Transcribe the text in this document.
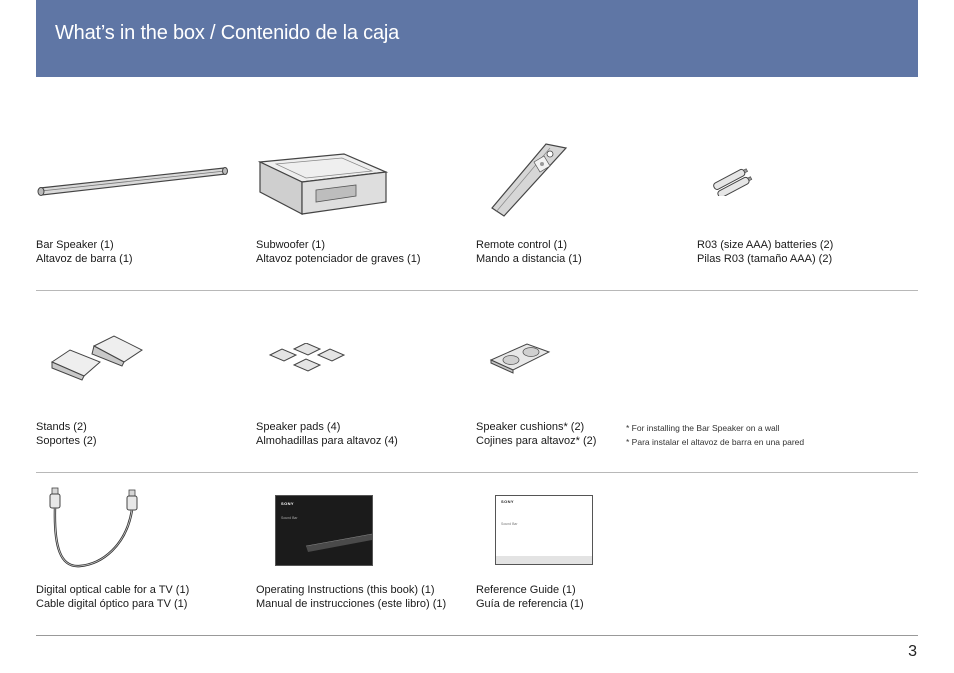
What’s in the box / Contenido de la caja
Bar Speaker (1)
Altavoz de barra (1)
Subwoofer (1)
Altavoz potenciador de graves (1)
Remote control (1)
Mando a distancia (1)
R03 (size AAA) batteries (2)
Pilas R03 (tamaño AAA) (2)
Stands (2)
Soportes (2)
Speaker pads (4)
Almohadillas para altavoz (4)
Speaker cushions* (2)
Cojines para altavoz* (2)
* For installing the Bar Speaker on a wall
* Para instalar el altavoz de barra en una pared
SONY
Sound Bar
SONY
Sound Bar
Digital optical cable for a TV (1)
Cable digital óptico para TV (1)
Operating Instructions (this book) (1)
Manual de instrucciones (este libro) (1)
Reference Guide (1)
Guía de referencia (1)
3
